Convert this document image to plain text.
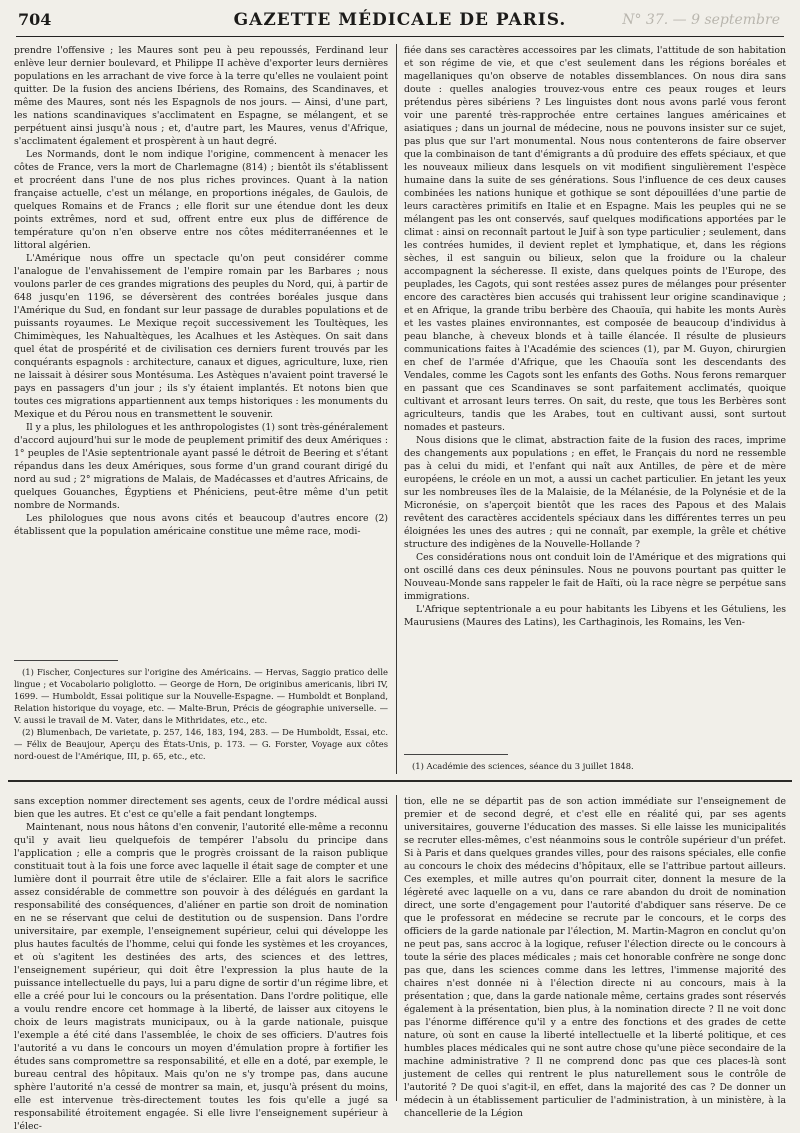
704	GAZETTE MÉDICALE DE PARIS.	N° 37. — 9 septembre

prendre l'offensive ; les Maures sont peu à peu repoussés, Ferdinand leur enlève leur dernier boulevard, et Philippe II achève d'exporter leurs dernières populations en les arrachant de vive force à la terre qu'elles ne voulaient point quitter. De la fusion des anciens Ibériens, des Romains, des Scandinaves, et même des Maures, sont nés les Espagnols de nos jours. — Ainsi, d'une part, les nations scandinaviques s'acclimatent en Espagne, se mélangent, et se perpétuent ainsi jusqu'à nous ; et, d'autre part, les Maures, venus d'Afrique, s'acclimatent également et prospèrent à un haut degré.

Les Normands, dont le nom indique l'origine, commencent à menacer les côtes de France, vers la mort de Charlemagne (814) ; bientôt ils s'établissent et procréent dans l'une de nos plus riches provinces. Quant à la nation française actuelle, c'est un mélange, en proportions inégales, de Gaulois, de quelques Romains et de Francs ; elle florit sur une étendue dont les deux points extrêmes, nord et sud, offrent entre eux plus de différence de température qu'on n'en observe entre nos côtes méditerranéennes et le littoral algérien.

L'Amérique nous offre un spectacle qu'on peut considérer comme l'analogue de l'envahissement de l'empire romain par les Barbares ; nous voulons parler de ces grandes migrations des peuples du Nord, qui, à partir de 648 jusqu'en 1196, se déversèrent des contrées boréales jusque dans l'Amérique du Sud, en fondant sur leur passage de durables populations et de puissants royaumes. Le Mexique reçoit successivement les Toultèques, les Chimimèques, les Nahualtèques, les Acalhues et les Astèques. On sait dans quel état de prospérité et de civilisation ces derniers furent trouvés par les conquérants espagnols : architecture, canaux et digues, agriculture, luxe, rien ne laissait à désirer sous Montésuma. Les Astèques n'avaient point traversé le pays en passagers d'un jour ; ils s'y étaient implantés. Et notons bien que toutes ces migrations appartiennent aux temps historiques : les monuments du Mexique et du Pérou nous en transmettent le souvenir.

Il y a plus, les philologues et les anthropologistes (1) sont très-généralement d'accord aujourd'hui sur le mode de peuplement primitif des deux Amériques : 1° peuples de l'Asie septentrionale ayant passé le détroit de Beering et s'étant répandus dans les deux Amériques, sous forme d'un grand courant dirigé du nord au sud ; 2° migrations de Malais, de Madécasses et d'autres Africains, de quelques Gouanches, Égyptiens et Phéniciens, peut-être même d'un petit nombre de Normands.

Les philologues que nous avons cités et beaucoup d'autres encore (2) établissent que la population américaine constitue une même race, modi-

(1) Fischer, Conjectures sur l'origine des Américains. — Hervas, Saggio pratico delle lingue ; et Vocabolario poliglotto. — George de Horn, De originibus americanis, libri IV, 1699. — Humboldt, Essai politique sur la Nouvelle-Espagne. — Humboldt et Bonpland, Relation historique du voyage, etc. — Malte-Brun, Précis de géographie universelle. — V. aussi le travail de M. Vater, dans le Mithridates, etc., etc.

(2) Blumenbach, De varietate, p. 257, 146, 183, 194, 283. — De Humboldt, Essai, etc. — Félix de Beaujour, Aperçu des États-Unis, p. 173. — G. Forster, Voyage aux côtes nord-ouest de l'Amérique, III, p. 65, etc., etc.

fiée dans ses caractères accessoires par les climats, l'attitude de son habitation et son régime de vie, et que c'est seulement dans les régions boréales et magellaniques qu'on observe de notables dissemblances. On nous dira sans doute : quelles analogies trouvez-vous entre ces peaux rouges et leurs prétendus pères sibériens ? Les linguistes dont nous avons parlé vous feront voir une parenté très-rapprochée entre certaines langues américaines et asiatiques ; dans un journal de médecine, nous ne pouvons insister sur ce sujet, pas plus que sur l'art monumental. Nous nous contenterons de faire observer que la combinaison de tant d'émigrants a dû produire des effets spéciaux, et que les nouveaux milieux dans lesquels on vit modifient singulièrement l'espèce humaine dans la suite de ses générations. Sous l'influence de ces deux causes combinées les nations hunique et gothique se sont dépouillées d'une partie de leurs caractères primitifs en Italie et en Espagne. Mais les peuples qui ne se mélangent pas les ont conservés, sauf quelques modifications apportées par le climat : ainsi on reconnaît partout le Juif à son type particulier ; seulement, dans les contrées humides, il devient replet et lymphatique, et, dans les régions sèches, il est sanguin ou bilieux, selon que la froidure ou la chaleur accompagnent la sécheresse. Il existe, dans quelques points de l'Europe, des peuplades, les Cagots, qui sont restées assez pures de mélanges pour présenter encore des caractères bien accusés qui trahissent leur origine scandinavique ; et en Afrique, la grande tribu berbère des Chaouïa, qui habite les monts Aurès et les vastes plaines environnantes, est composée de beaucoup d'individus à peau blanche, à cheveux blonds et à taille élancée. Il résulte de plusieurs communications faites à l'Académie des sciences (1), par M. Guyon, chirurgien en chef de l'armée d'Afrique, que les Chaouïa sont les descendants des Vendales, comme les Cagots sont les enfants des Goths. Nous ferons remarquer en passant que ces Scandinaves se sont parfaitement acclimatés, quoique cultivant et arrosant leurs terres. On sait, du reste, que tous les Berbères sont agriculteurs, tandis que les Arabes, tout en cultivant aussi, sont surtout nomades et pasteurs.

Nous disions que le climat, abstraction faite de la fusion des races, imprime des changements aux populations ; en effet, le Français du nord ne ressemble pas à celui du midi, et l'enfant qui naît aux Antilles, de père et de mère européens, le créole en un mot, a aussi un cachet particulier. En jetant les yeux sur les nombreuses îles de la Malaisie, de la Mélanésie, de la Polynésie et de la Micronésie, on s'aperçoit bientôt que les races des Papous et des Malais revêtent des caractères accidentels spéciaux dans les différentes terres un peu éloignées les unes des autres ; qui ne connaît, par exemple, la grêle et chétive structure des indigènes de la Nouvelle-Hollande ?

Ces considérations nous ont conduit loin de l'Amérique et des migrations qui ont oscillé dans ces deux péninsules. Nous ne pouvons pourtant pas quitter le Nouveau-Monde sans rappeler le fait de Haïti, où la race nègre se perpétue sans immigrations.

L'Afrique septentrionale a eu pour habitants les Libyens et les Gétuliens, les Maurusiens (Maures des Latins), les Carthaginois, les Romains, les Ven-

(1) Académie des sciences, séance du 3 juillet 1848.

sans exception nommer directement ses agents, ceux de l'ordre médical aussi bien que les autres. Et c'est ce qu'elle a fait pendant longtemps.

Maintenant, nous nous hâtons d'en convenir, l'autorité elle-même a reconnu qu'il y avait lieu quelquefois de tempérer l'absolu du principe dans l'application ; elle a compris que le progrès croissant de la raison publique constituait tout à la fois une force avec laquelle il était sage de compter et une lumière dont il pourrait être utile de s'éclairer. Elle a fait alors le sacrifice assez considérable de commettre son pouvoir à des délégués en gardant la responsabilité des conséquences, d'aliéner en partie son droit de nomination en ne se réservant que celui de destitution ou de suspension. Dans l'ordre universitaire, par exemple, l'enseignement supérieur, celui qui développe les plus hautes facultés de l'homme, celui qui fonde les systèmes et les croyances, et où s'agitent les destinées des arts, des sciences et des lettres, l'enseignement supérieur, qui doit être l'expression la plus haute de la puissance intellectuelle du pays, lui a paru digne de sortir d'un régime libre, et elle a créé pour lui le concours ou la présentation. Dans l'ordre politique, elle a voulu rendre encore cet hommage à la liberté, de laisser aux citoyens le choix de leurs magistrats municipaux, ou à la garde nationale, puisque l'exemple a été cité dans l'assemblée, le choix de ses officiers. D'autres fois l'autorité a vu dans le concours un moyen d'émulation propre à fortifier les études sans compromettre sa responsabilité, et elle en a doté, par exemple, le bureau central des hôpitaux. Mais qu'on ne s'y trompe pas, dans aucune sphère l'autorité n'a cessé de montrer sa main, et, jusqu'à présent du moins, elle est intervenue très-directement toutes les fois qu'elle a jugé sa responsabilité étroitement engagée. Si elle livre l'enseignement supérieur à l'élec-

tion, elle ne se départit pas de son action immédiate sur l'enseignement de premier et de second degré, et c'est elle en réalité qui, par ses agents universitaires, gouverne l'éducation des masses. Si elle laisse les municipalités se recruter elles-mêmes, c'est néanmoins sous le contrôle supérieur d'un préfet. Si à Paris et dans quelques grandes villes, pour des raisons spéciales, elle confie au concours le choix des médecins d'hôpitaux, elle se l'attribue partout ailleurs. Ces exemples, et mille autres qu'on pourrait citer, donnent la mesure de la légèreté avec laquelle on a vu, dans ce rare abandon du droit de nomination direct, une sorte d'engagement pour l'autorité d'abdiquer sans réserve. De ce que le professorat en médecine se recrute par le concours, et le corps des officiers de la garde nationale par l'élection, M. Martin-Magron en conclut qu'on ne peut pas, sans accroc à la logique, refuser l'élection directe ou le concours à toute la série des places médicales ; mais cet honorable confrère ne songe donc pas que, dans les sciences comme dans les lettres, l'immense majorité des chaires n'est donnée ni à l'élection directe ni au concours, mais à la présentation ; que, dans la garde nationale même, certains grades sont réservés également à la présentation, bien plus, à la nomination directe ? Il ne voit donc pas l'énorme différence qu'il y a entre des fonctions et des grades de cette nature, où sont en cause la liberté intellectuelle et la liberté politique, et ces humbles places médicales qui ne sont autre chose qu'une pièce secondaire de la machine administrative ? Il ne comprend donc pas que ces places-là sont justement de celles qui rentrent le plus naturellement sous le contrôle de l'autorité ? De quoi s'agit-il, en effet, dans la majorité des cas ? De donner un médecin à un établissement particulier de l'administration, à un ministère, à la chancellerie de la Légion
